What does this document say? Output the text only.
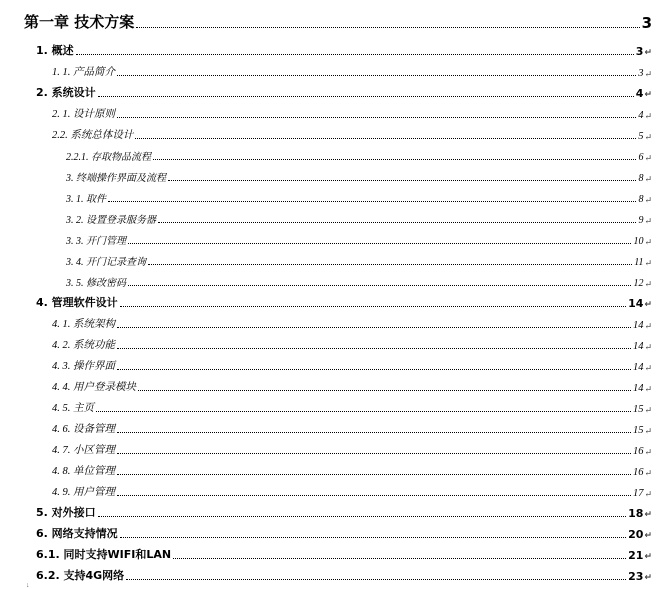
第一章 技术方案	3
1. 概述	3 ↵
1. 1. 产品简介	3 ↵
2. 系统设计	4 ↵
2. 1. 设计原则	4 ↵
2.2. 系统总体设计	5 ↵
2.2.1. 存取物品流程	6 ↵
3. 终端操作界面及流程	8 ↵
3. 1. 取件	8 ↵
3. 2. 设置登录服务器	9 ↵
3. 3. 开门管理	10 ↵
3. 4. 开门记录查询	11 ↵
3. 5. 修改密码	12 ↵
4. 管理软件设计	14 ↵
4. 1. 系统架构	14 ↵
4. 2. 系统功能	14 ↵
4. 3. 操作界面	14 ↵
4. 4. 用户登录模块	14 ↵
4. 5. 主页	15 ↵
4. 6. 设备管理	15 ↵
4. 7. 小区管理	16 ↵
4. 8. 单位管理	16 ↵
4. 9. 用户管理	17 ↵
5. 对外接口	18 ↵
6. 网络支持情况	20 ↵
6.1. 同时支持WIFI和LAN	21 ↵
6.2. 支持4G网络	23 ↵
↓
